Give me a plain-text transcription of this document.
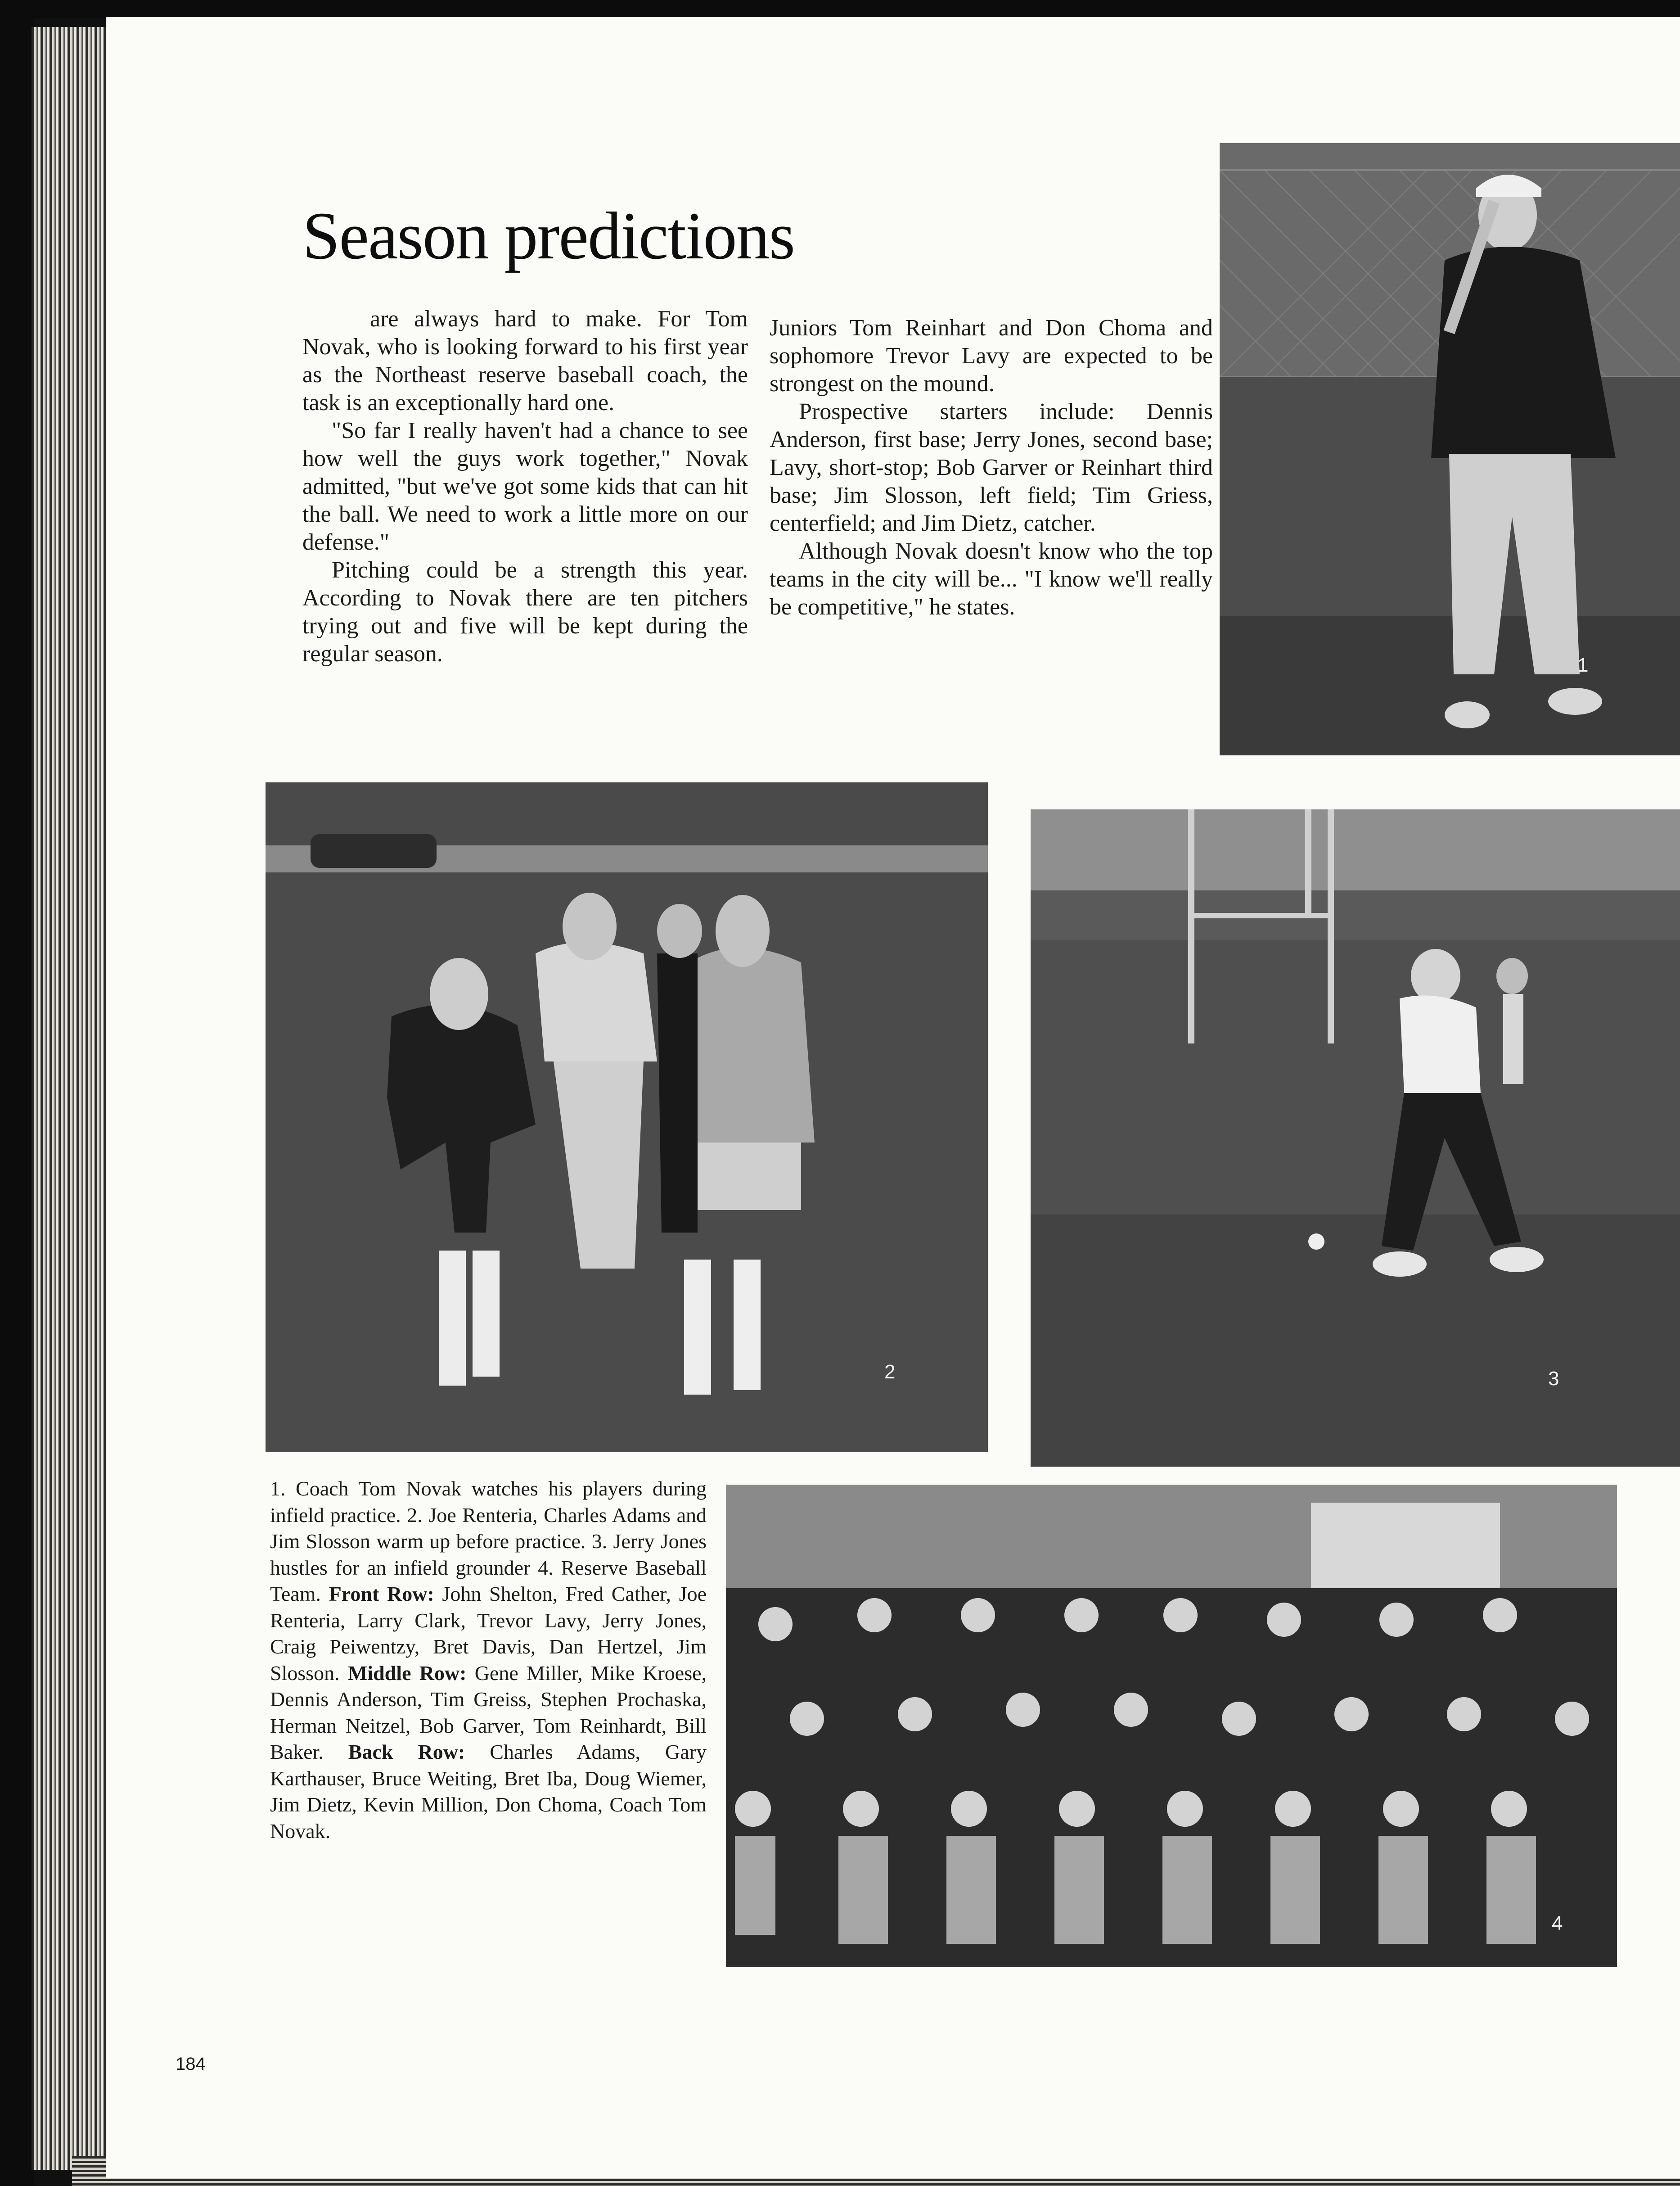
1
Season predictions

are always hard to make. For Tom Novak, who is looking forward to his first year as the Northeast reserve baseball coach, the task is an exceptionally hard one.

"So far I really haven't had a chance to see how well the guys work together," Novak admitted, "but we've got some kids that can hit the ball. We need to work a little more on our defense."

Pitching could be a strength this year. According to Novak there are ten pitchers trying out and five will be kept during the regular season.

Juniors Tom Reinhart and Don Choma and sophomore Trevor Lavy are expected to be strongest on the mound.

Prospective starters include: Dennis Anderson, first base; Jerry Jones, second base; Lavy, short-stop; Bob Garver or Reinhart third base; Jim Slosson, left field; Tim Griess, centerfield; and Jim Dietz, catcher.

Although Novak doesn't know who the top teams in the city will be... "I know we'll really be competitive," he states.

2	3
1. Coach Tom Novak watches his players during infield practice. 2. Joe Renteria, Charles Adams and Jim Slosson warm up before practice. 3. Jerry Jones hustles for an infield grounder 4. Reserve Baseball Team. Front Row: John Shelton, Fred Cather, Joe Renteria, Larry Clark, Trevor Lavy, Jerry Jones, Craig Peiwentzy, Bret Davis, Dan Hertzel, Jim Slosson. Middle Row: Gene Miller, Mike Kroese, Dennis Anderson, Tim Greiss, Stephen Prochaska, Herman Neitzel, Bob Garver, Tom Reinhardt, Bill Baker. Back Row: Charles Adams, Gary Karthauser, Bruce Weiting, Bret Iba, Doug Wiemer, Jim Dietz, Kevin Million, Don Choma, Coach Tom Novak.
4
184
